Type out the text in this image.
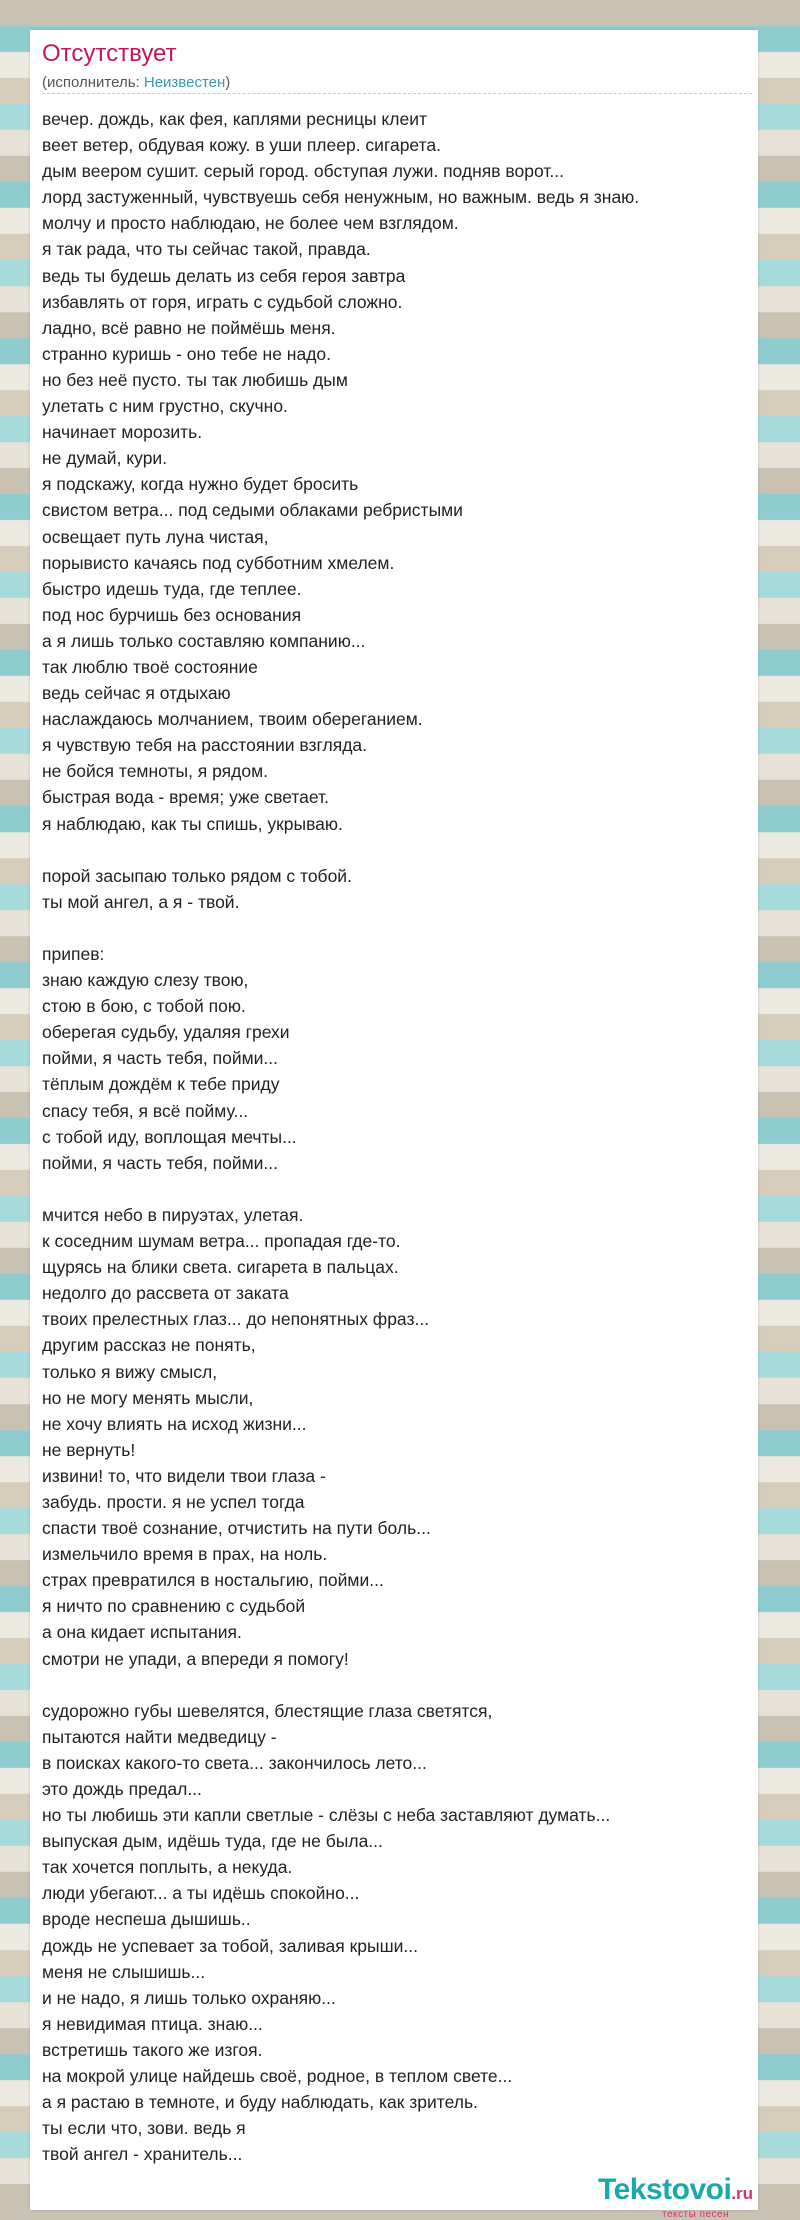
Отсутствует
(исполнитель: Неизвестен)
вечер. дождь, как фея, каплями ресницы клеит
веет ветер, обдувая кожу. в уши плеер. сигарета.
дым веером сушит. серый город. обступая лужи. подняв ворот...
лорд застуженный, чувствуешь себя ненужным, но важным. ведь я знаю.
молчу и просто наблюдаю, не более чем взглядом.
я так рада, что ты сейчас такой, правда.
ведь ты будешь делать из себя героя завтра
избавлять от горя, играть с судьбой сложно.
ладно, всё равно не поймёшь меня.
странно куришь - оно тебе не надо.
но без неё пусто. ты так любишь дым
улетать с ним грустно, скучно.
начинает морозить.
не думай, кури.
я подскажу, когда нужно будет бросить
свистом ветра... под седыми облаками ребристыми
освещает путь луна чистая,
порывисто качаясь под субботним хмелем.
быстро идешь туда, где теплее.
под нос бурчишь без основания
а я лишь только составляю компанию...
так люблю твоё состояние
ведь сейчас я отдыхаю
наслаждаюсь молчанием, твоим обереганием.
я чувствую тебя на расстоянии взгляда.
не бойся темноты, я рядом.
быстрая вода - время; уже светает.
я наблюдаю, как ты спишь, укрываю.
порой засыпаю только рядом с тобой.
ты мой ангел, а я - твой.
припев:
знаю каждую слезу твою,
стою в бою, с тобой пою.
оберегая судьбу, удаляя грехи
пойми, я часть тебя, пойми...
тёплым дождём к тебе приду
спасу тебя, я всё пойму...
с тобой иду, воплощая мечты...
пойми, я часть тебя, пойми...
мчится небо в пируэтах, улетая.
к соседним шумам ветра... пропадая где-то.
щурясь на блики света. сигарета в пальцах.
недолго до рассвета от заката
твоих прелестных глаз... до непонятных фраз...
другим рассказ не понять,
только я вижу смысл,
но не могу менять мысли,
не хочу влиять на исход жизни...
не вернуть!
извини! то, что видели твои глаза -
забудь. прости. я не успел тогда
спасти твоё сознание, отчистить на пути боль...
измельчило время в прах, на ноль.
страх превратился в ностальгию, пойми...
я ничто по сравнению с судьбой
а она кидает испытания.
смотри не упади, а впереди я помогу!
судорожно губы шевелятся, блестящие глаза светятся,
пытаются найти медведицу -
в поисках какого-то света... закончилось лето...
это дождь предал...
но ты любишь эти капли светлые - слёзы с неба заставляют думать...
выпуская дым, идёшь туда, где не была...
так хочется поплыть, а некуда.
люди убегают... а ты идёшь спокойно...
вроде неспеша дышишь..
дождь не успевает за тобой, заливая крыши...
меня не слышишь...
и не надо, я лишь только охраняю...
я невидимая птица. знаю...
встретишь такого же изгоя.
на мокрой улице найдешь своё, родное, в теплом свете...
а я растаю в темноте, и буду наблюдать, как зритель.
ты если что, зови. ведь я
твой ангел - хранитель...
Tekstovoi.ru
тексты песен
